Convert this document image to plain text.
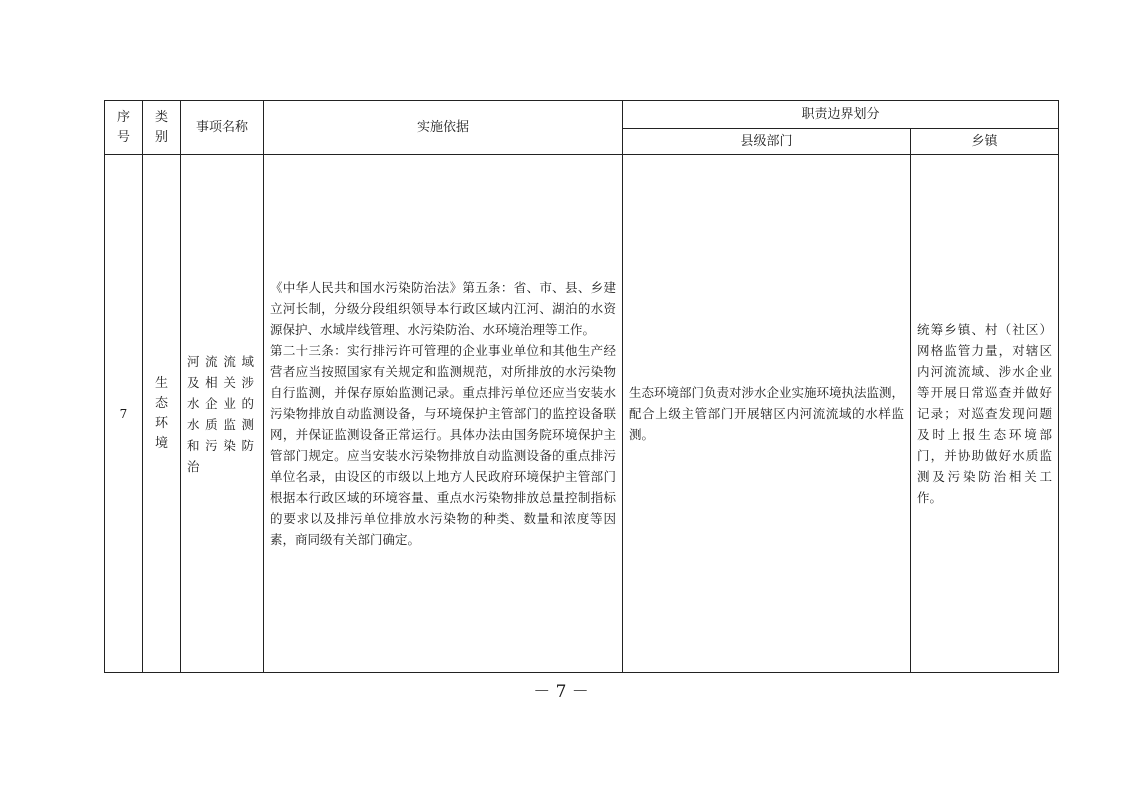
序号	类别	事项名称	实施依据	职责边界划分	
				县级部门	乡镇
7	生态环境	河流流域及相关涉水企业的水质监测和污染防治	《中华人民共和国水污染防治法》第五条：省、市、县、乡建立河长制，分级分段组织领导本行政区域内江河、湖泊的水资源保护、水域岸线管理、水污染防治、水环境治理等工作。

第二十三条：实行排污许可管理的企业事业单位和其他生产经营者应当按照国家有关规定和监测规范，对所排放的水污染物自行监测，并保存原始监测记录。重点排污单位还应当安装水污染物排放自动监测设备，与环境保护主管部门的监控设备联网，并保证监测设备正常运行。具体办法由国务院环境保护主管部门规定。应当安装水污染物排放自动监测设备的重点排污单位名录，由设区的市级以上地方人民政府环境保护主管部门根据本行政区域的环境容量、重点水污染物排放总量控制指标的要求以及排污单位排放水污染物的种类、数量和浓度等因素，商同级有关部门确定。	生态环境部门负责对涉水企业实施环境执法监测，配合上级主管部门开展辖区内河流流域的水样监测。	统筹乡镇、村（社区）网格监管力量，对辖区内河流流域、涉水企业等开展日常巡查并做好记录；对巡查发现问题及时上报生态环境部门，并协助做好水质监测及污染防治相关工作。
－ 7 －
